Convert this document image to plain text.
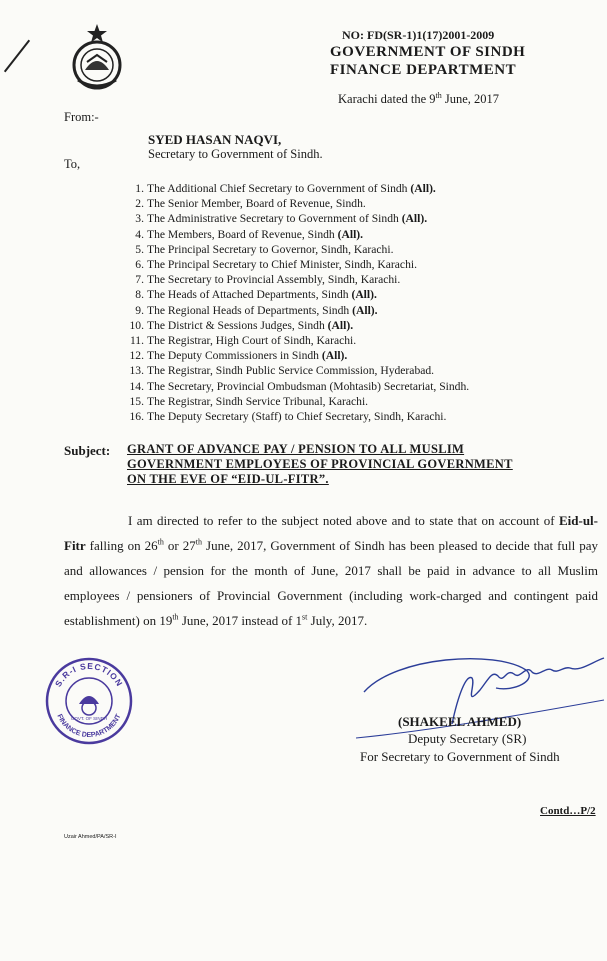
NO: FD(SR-1)1(17)2001-2009
GOVERNMENT OF SINDH
FINANCE DEPARTMENT
Karachi dated the 9th June, 2017
From:-
SYED HASAN NAQVI,
Secretary to Government of Sindh.
To,
1. The Additional Chief Secretary to Government of Sindh (All).
2. The Senior Member, Board of Revenue, Sindh.
3. The Administrative Secretary to Government of Sindh (All).
4. The Members, Board of Revenue, Sindh (All).
5. The Principal Secretary to Governor, Sindh, Karachi.
6. The Principal Secretary to Chief Minister, Sindh, Karachi.
7. The Secretary to Provincial Assembly, Sindh, Karachi.
8. The Heads of Attached Departments, Sindh (All).
9. The Regional Heads of Departments, Sindh (All).
10. The District & Sessions Judges, Sindh (All).
11. The Registrar, High Court of Sindh, Karachi.
12. The Deputy Commissioners in Sindh (All).
13. The Registrar, Sindh Public Service Commission, Hyderabad.
14. The Secretary, Provincial Ombudsman (Mohtasib) Secretariat, Sindh.
15. The Registrar, Sindh Service Tribunal, Karachi.
16. The Deputy Secretary (Staff) to Chief Secretary, Sindh, Karachi.
Subject: GRANT OF ADVANCE PAY / PENSION TO ALL MUSLIM GOVERNMENT EMPLOYEES OF PROVINCIAL GOVERNMENT ON THE EVE OF “EID-UL-FITR”.

I am directed to refer to the subject noted above and to state that on account of Eid-ul-Fitr falling on 26th or 27th June, 2017, Government of Sindh has been pleased to decide that full pay and allowances / pension for the month of June, 2017 shall be paid in advance to all Muslim employees / pensioners of Provincial Government (including work-charged and contingent paid establishment) on 19th June, 2017 instead of 1st July, 2017.

S.R-I SECTION
FINANCE DEPARTMENT
GOVT. OF SINDH	(SHAKEEL AHMED)
Deputy Secretary (SR)
For Secretary to Government of Sindh
Contd…P/2
Uzair Ahmed/PA/SR-I
